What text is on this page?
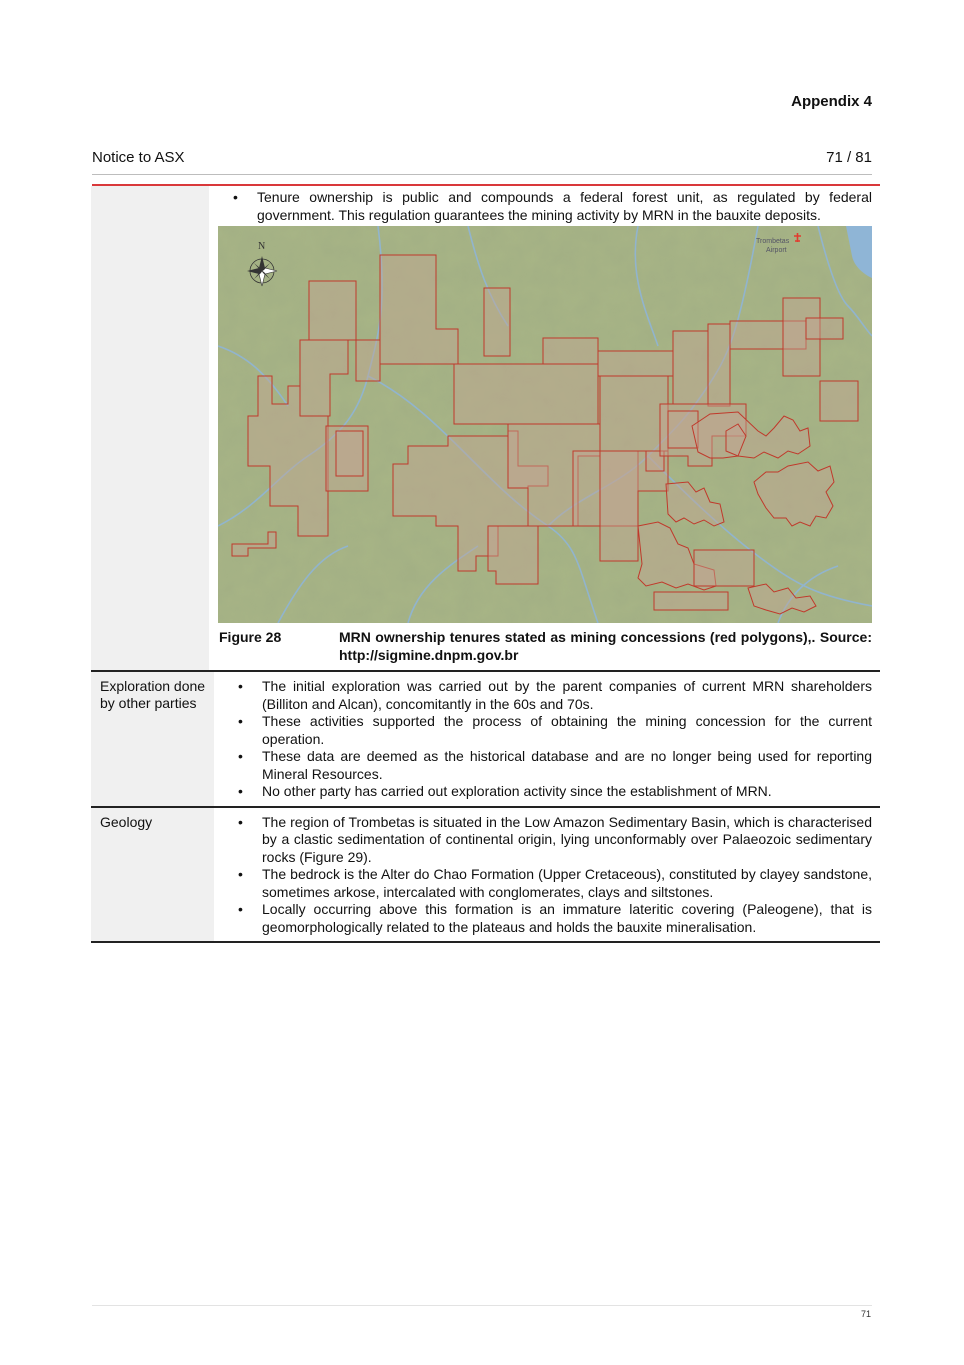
Appendix 4
Notice to ASX	71 / 81
• Tenure ownership is public and compounds a federal forest unit, as regulated by federal government. This regulation guarantees the mining activity by MRN in the bauxite deposits.
Trombetas
Airport
N
Figure 28	MRN ownership tenures stated as mining concessions (red polygons),. Source: http://sigmine.dnpm.gov.br
Exploration done by other parties
• The initial exploration was carried out by the parent companies of current MRN shareholders (Billiton and Alcan), concomitantly in the 60s and 70s.
• These activities supported the process of obtaining the mining concession for the current operation.
• These data are deemed as the historical database and are no longer being used for reporting Mineral Resources.
• No other party has carried out exploration activity since the establishment of MRN.
Geology
•	The region of Trombetas is situated in the Low Amazon Sedimentary Basin, which is characterised by a clastic sedimentation of continental origin, lying unconformably over Palaeozoic sedimentary rocks (Figure 29).
• The bedrock is the Alter do Chao Formation (Upper Cretaceous), constituted by clayey sandstone, sometimes arkose, intercalated with conglomerates, clays and siltstones.
• Locally occurring above this formation is an immature lateritic covering (Paleogene), that is geomorphologically related to the plateaus and holds the bauxite mineralisation.
71
